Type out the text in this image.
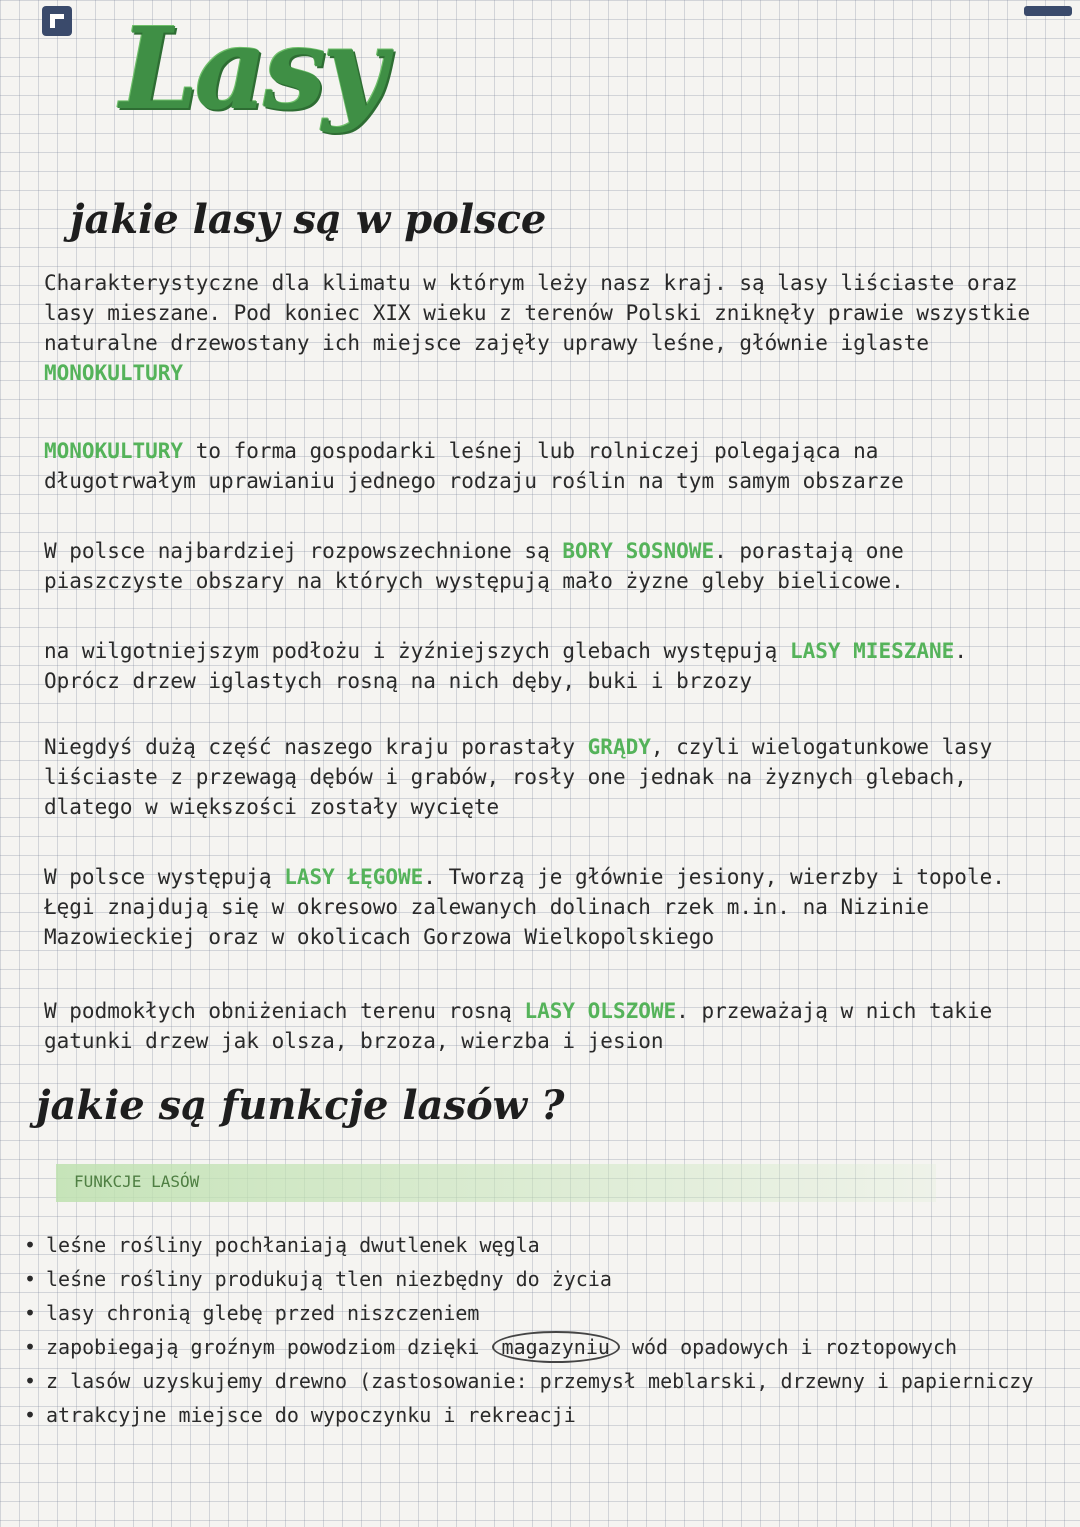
Lasy
jakie lasy są w polsce
Charakterystyczne dla klimatu w którym leży nasz kraj. są lasy liściaste oraz lasy mieszane. Pod koniec XIX wieku z terenów Polski zniknęły prawie wszystkie naturalne drzewostany ich miejsce zajęły uprawy leśne, głównie iglaste MONOKULTURY
MONOKULTURY to forma gospodarki leśnej lub rolniczej polegająca na długotrwałym uprawianiu jednego rodzaju roślin na tym samym obszarze
W polsce najbardziej rozpowszechnione są BORY SOSNOWE. porastają one piaszczyste obszary na których występują mało żyzne gleby bielicowe.
na wilgotniejszym podłożu i żyźniejszych glebach występują LASY MIESZANE. Oprócz drzew iglastych rosną na nich dęby, buki i brzozy
Niegdyś dużą część naszego kraju porastały GRĄDY, czyli wielogatunkowe lasy liściaste z przewagą dębów i grabów, rosły one jednak na żyznych glebach, dlatego w większości zostały wycięte
W polsce występują LASY ŁĘGOWE. Tworzą je głównie jesiony, wierzby i topole. Łęgi znajdują się w okresowo zalewanych dolinach rzek m.in. na Nizinie Mazowieckiej oraz w okolicach Gorzowa Wielkopolskiego
W podmokłych obniżeniach terenu rosną LASY OLSZOWE. przeważają w nich takie gatunki drzew jak olsza, brzoza, wierzba i jesion
jakie są funkcje lasów ?
FUNKCJE LASÓW
• leśne rośliny pochłaniają dwutlenek węgla
• leśne rośliny produkują tlen niezbędny do życia
• lasy chronią glebę przed niszczeniem
• zapobiegają groźnym powodziom dzięki magazyniu wód opadowych i roztopowych
• z lasów uzyskujemy drewno (zastosowanie: przemysł meblarski, drzewny i papierniczy
• atrakcyjne miejsce do wypoczynku i rekreacji
